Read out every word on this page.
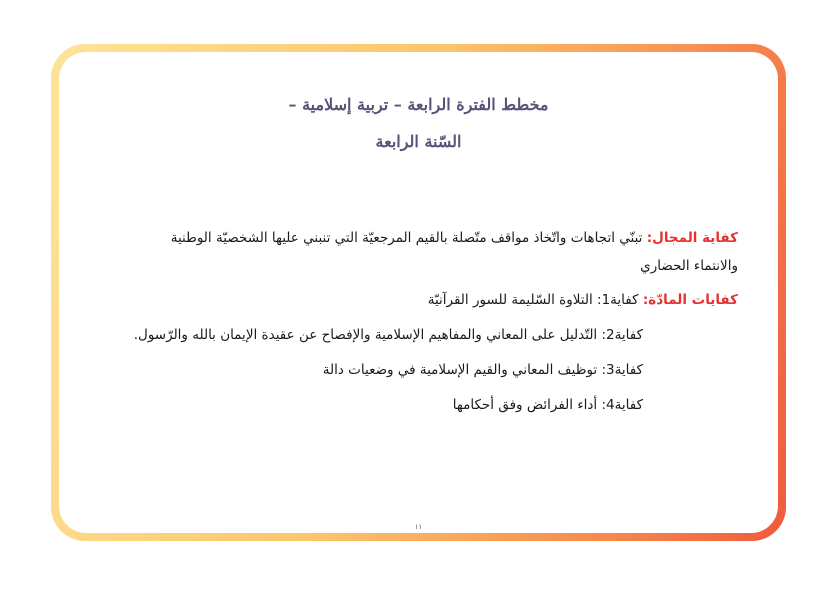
مخطط الفترة الرابعة – تربية إسلامية –
السّنة الرابعة
كفاية المجال: تبنّي اتجاهات واتّخاذ مواقف متّصلة بالقيم المرجعيّة التي تنبني عليها الشخصيّة الوطنية
والانتماء الحضاري
كفايات المادّة: كفاية1: التلاوة السّليمة للسور القرآنيّة
كفاية2: التّدليل على المعاني والمفاهيم الإسلامية والإفصاح عن عقيدة الإيمان بالله والرّسول.
كفاية3: توظيف المعاني والقيم الإسلامية في وضعيات دالة
كفاية4: أداء الفرائض وفق أحكامها
١١
